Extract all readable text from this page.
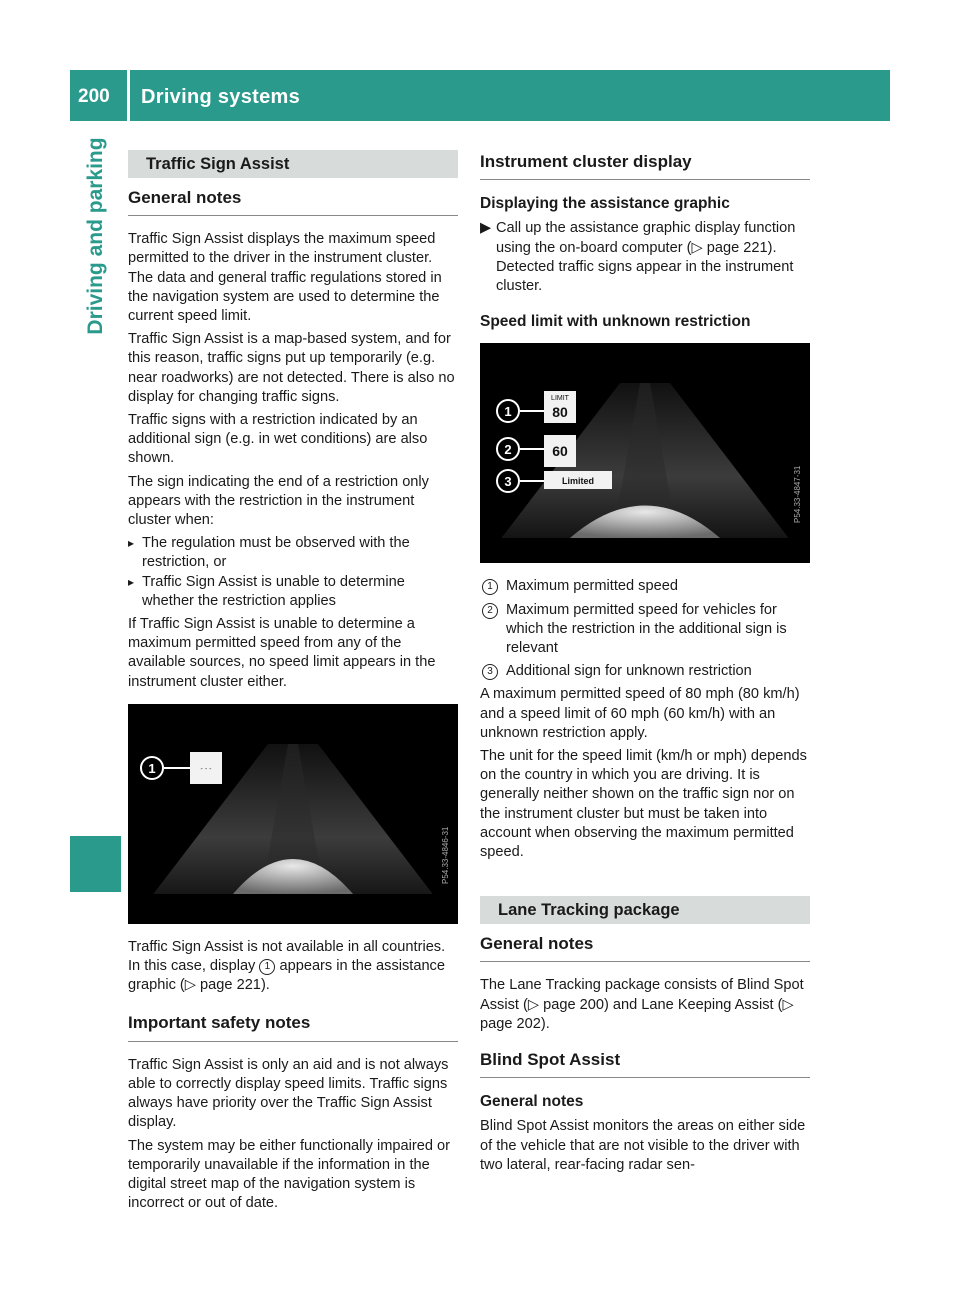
200 Driving systems
Driving and parking	Traffic Sign Assist
General notes

Traffic Sign Assist displays the maximum speed permitted to the driver in the instrument cluster. The data and general traffic regulations stored in the navigation system are used to determine the current speed limit.

Traffic Sign Assist is a map-based system, and for this reason, traffic signs put up temporarily (e.g. near roadworks) are not detected. There is also no display for changing traffic signs.

Traffic signs with a restriction indicated by an additional sign (e.g. in wet conditions) are also shown.

The sign indicating the end of a restriction only appears with the restriction in the instrument cluster when:

▸ The regulation must be observed with the restriction, or
▸ Traffic Sign Assist is unable to determine whether the restriction applies

If Traffic Sign Assist is unable to determine a maximum permitted speed from any of the available sources, no speed limit appears in the instrument cluster either.

1	- - -
P54.33-4846-31

Traffic Sign Assist is not available in all countries. In this case, display 1 appears in the assistance graphic (▷ page 221).

Important safety notes

Traffic Sign Assist is only an aid and is not always able to correctly display speed limits. Traffic signs always have priority over the Traffic Sign Assist display.

The system may be either functionally impaired or temporarily unavailable if the information in the digital street map of the navigation system is incorrect or out of date.

Instrument cluster display
Displaying the assistance graphic
▶ Call up the assistance graphic display function using the on-board computer (▷ page 221).
Detected traffic signs appear in the instrument cluster.
Speed limit with unknown restriction
1
2
3
LIMIT
80
60
Limited	P54.33-4847-31
1 Maximum permitted speed
2 Maximum permitted speed for vehicles for which the restriction in the additional sign is relevant
3 Additional sign for unknown restriction

A maximum permitted speed of 80 mph (80 km/h) and a speed limit of 60 mph (60 km/h) with an unknown restriction apply.

The unit for the speed limit (km/h or mph) depends on the country in which you are driving. It is generally neither shown on the traffic sign nor on the instrument cluster but must be taken into account when observing the maximum permitted speed.

Lane Tracking package
General notes

The Lane Tracking package consists of Blind Spot Assist (▷ page 200) and Lane Keeping Assist (▷ page 202).

Blind Spot Assist
General notes

Blind Spot Assist monitors the areas on either side of the vehicle that are not visible to the driver with two lateral, rear-facing radar sen-
